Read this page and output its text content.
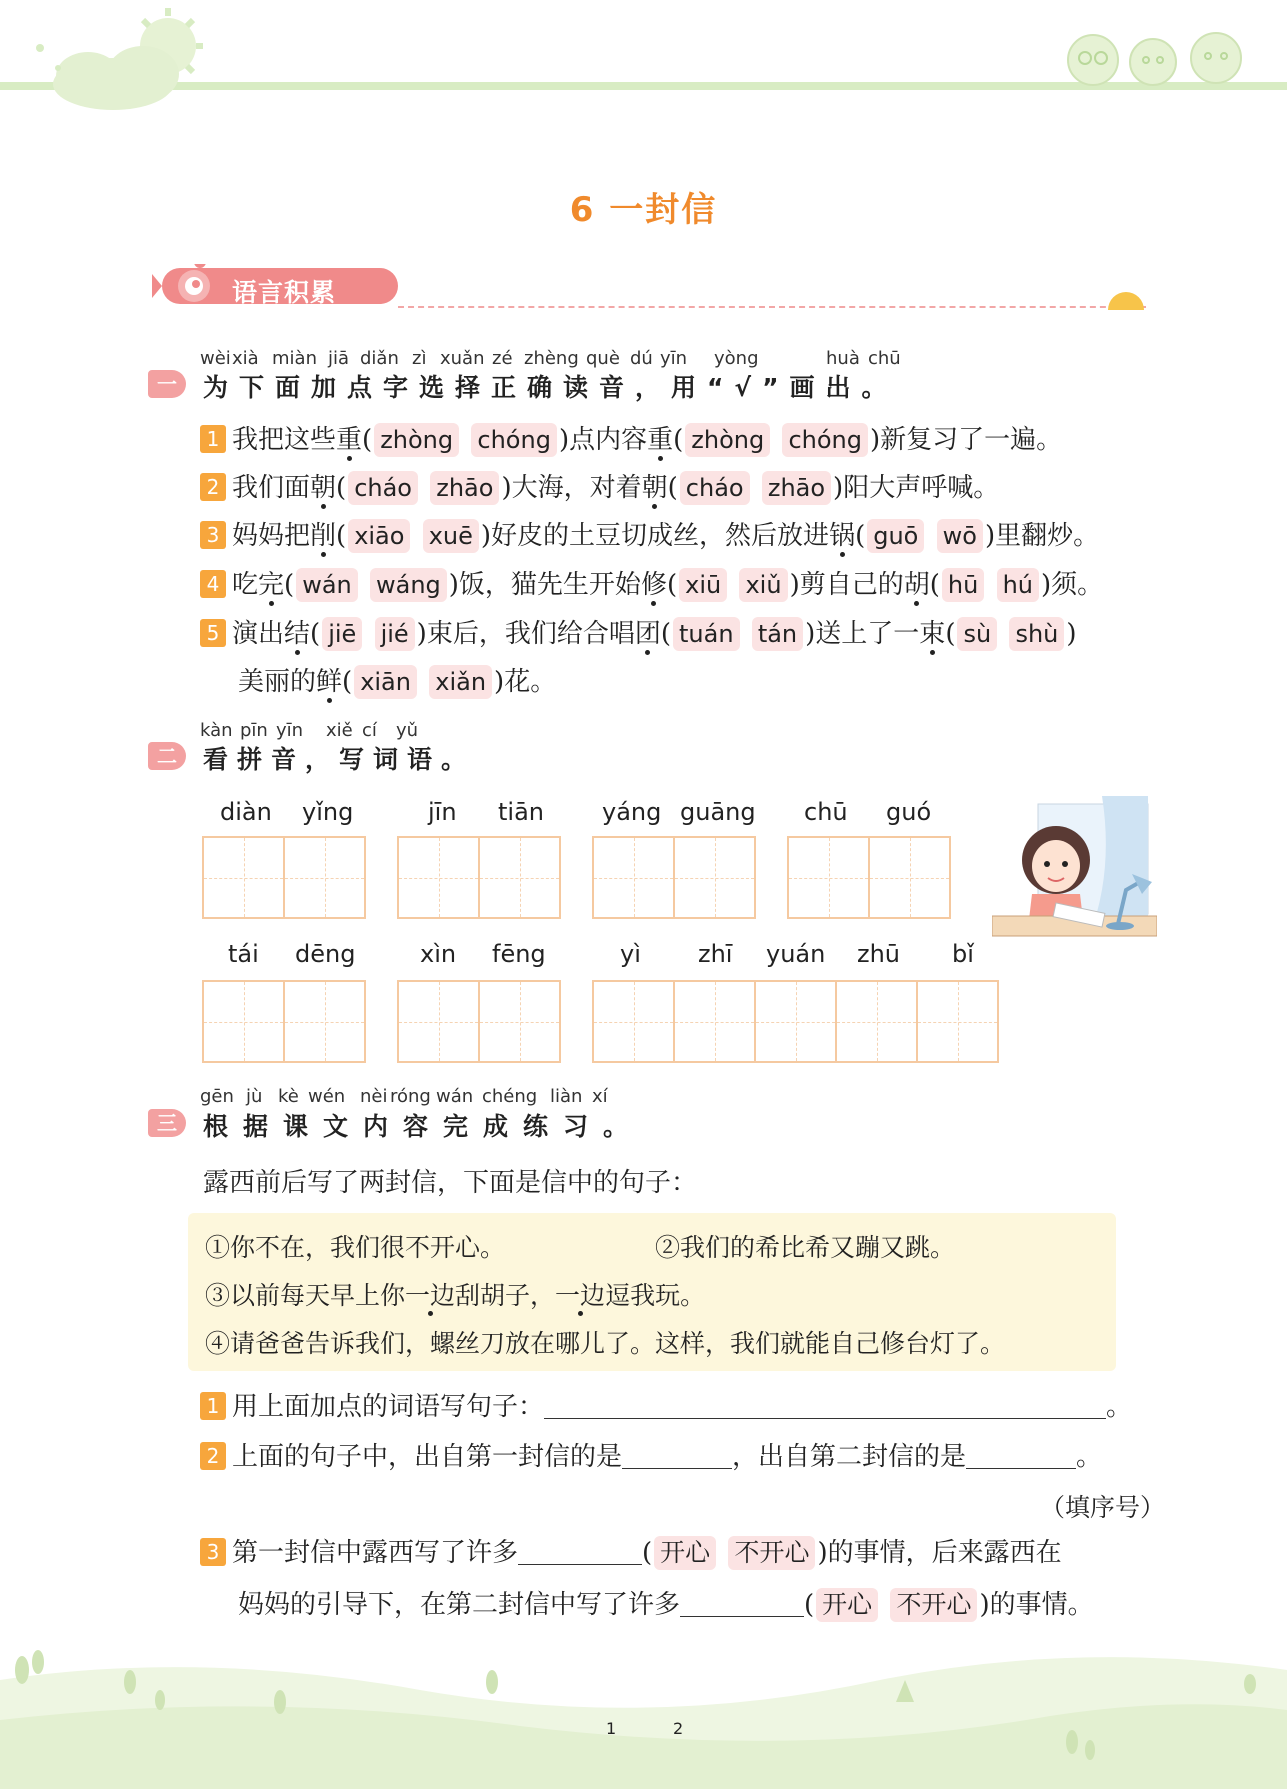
6 一封信
语言积累
wèi xià miàn jiā diǎn zì xuǎn zé zhèng què dú yīn yòng	huà chū
一	为下面加点字选择正确读音，用“√”画出。
1 我把这些重( zhòng chóng )点内容重( zhòng chóng )新复习了一遍。
2 我们面朝( cháo zhāo )大海，对着朝( cháo zhāo )阳大声呼喊。
3 妈妈把削( xiāo xuē )好皮的土豆切成丝，然后放进锅( guō wō )里翻炒。
4 吃完( wán wáng )饭，猫先生开始修( xiū xiǔ )剪自己的胡( hū hú )须。
5 演出结( jiē jié )束后，我们给合唱团( tuán tán )送上了一束( sù shù )
美丽的鲜( xiān xiǎn )花。
kàn pīn yīn xiě cí yǔ
二	看拼音，写词语。
diàn yǐng	jīn tiān yáng guāng chū guó
tái dēng	xìn fēng	yì zhī yuán zhū bǐ
gēn jù kè wén nèi róng wán chéng liàn xí
三	根据课文内容完成练习。
露西前后写了两封信，下面是信中的句子：
①你不在，我们很不开心。	②我们的希比希又蹦又跳。
③以前每天早上你一边刮胡子，一边逗我玩。
④请爸爸告诉我们，螺丝刀放在哪儿了。这样，我们就能自己修台灯了。
1 用上面加点的词语写句子：	。
2 上面的句子中，出自第一封信的是	，出自第二封信的是	。
（填序号）
3 第一封信中露西写了许多	( 开心 不开心 )的事情，后来露西在
妈妈的引导下，在第二封信中写了许多	( 开心 不开心 )的事情。
1	2
